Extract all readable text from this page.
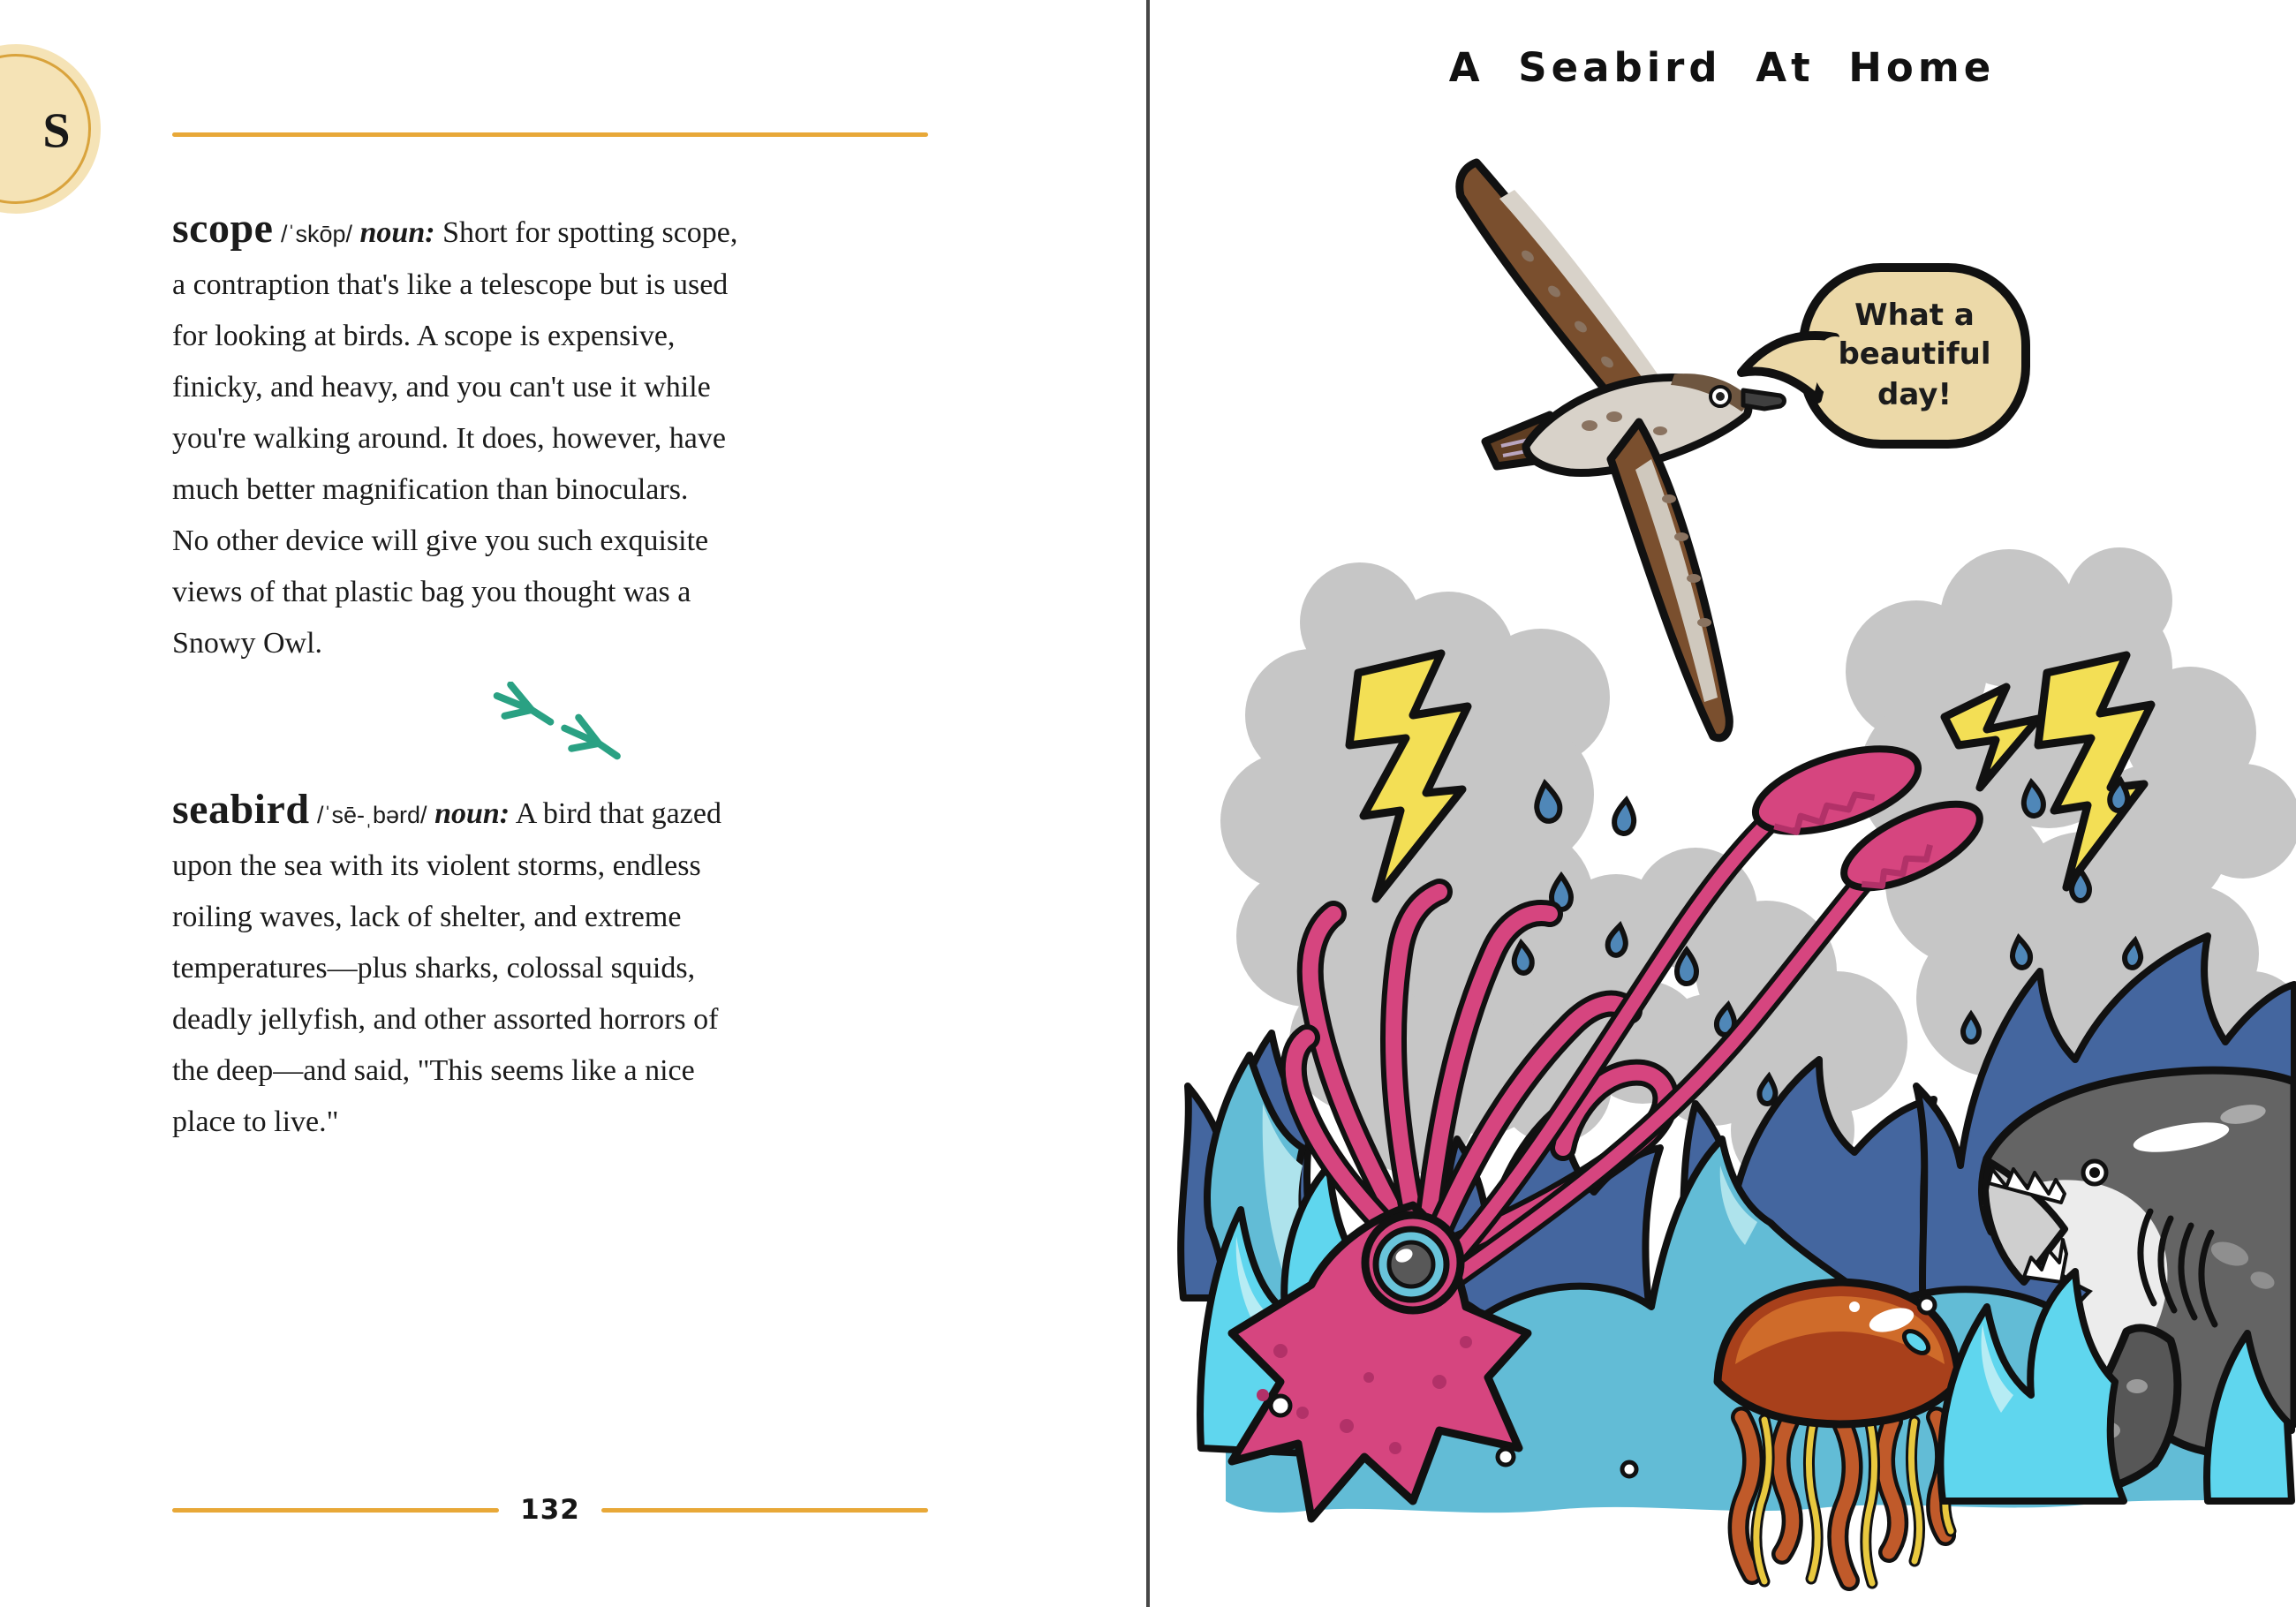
S
scope /ˈskōp/ noun: Short for spotting scope,
a contraption that's like a telescope but is used
for looking at birds. A scope is expensive,
finicky, and heavy, and you can't use it while
you're walking around. It does, however, have
much better magnification than binoculars.
No other device will give you such exquisite
views of that plastic bag you thought was a
Snowy Owl.
seabird /ˈsē-ˌbərd/ noun: A bird that gazed
upon the sea with its violent storms, endless
roiling waves, lack of shelter, and extreme
temperatures—plus sharks, colossal squids,
deadly jellyfish, and other assorted horrors of
the deep—and said, "This seems like a nice
place to live."
132
What a
beautiful
day!
A Seabird At Home
